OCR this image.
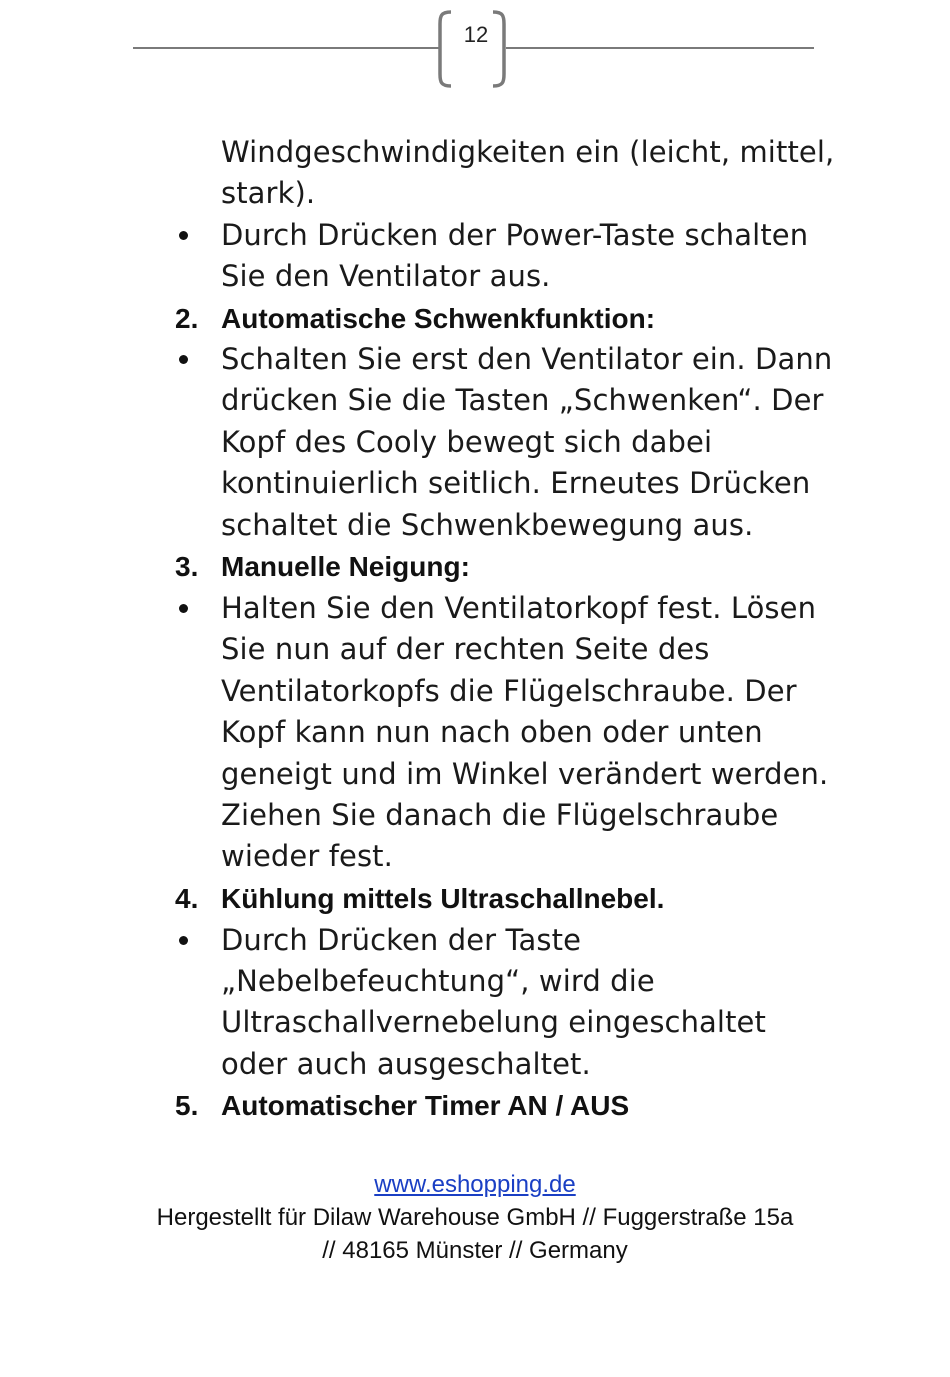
12
Windgeschwindigkeiten ein (leicht, mittel,
stark).
Durch Drücken der Power-Taste schalten
Sie den Ventilator aus.
2. Automatische Schwenkfunktion:
Schalten Sie erst den Ventilator ein. Dann
drücken Sie die Tasten „Schwenken“. Der
Kopf des Cooly bewegt sich dabei
kontinuierlich seitlich. Erneutes Drücken
schaltet die Schwenkbewegung aus.
3. Manuelle Neigung:
Halten Sie den Ventilatorkopf fest. Lösen
Sie nun auf der rechten Seite des
Ventilatorkopfs die Flügelschraube. Der
Kopf kann nun nach oben oder unten
geneigt und im Winkel verändert werden.
Ziehen Sie danach die Flügelschraube
wieder fest.
4. Kühlung mittels Ultraschallnebel.
Durch Drücken der Taste
„Nebelbefeuchtung“, wird die
Ultraschallvernebelung eingeschaltet
oder auch ausgeschaltet.
5. Automatischer Timer AN / AUS
www.eshopping.de
Hergestellt für Dilaw Warehouse GmbH // Fuggerstraße 15a
// 48165 Münster // Germany
